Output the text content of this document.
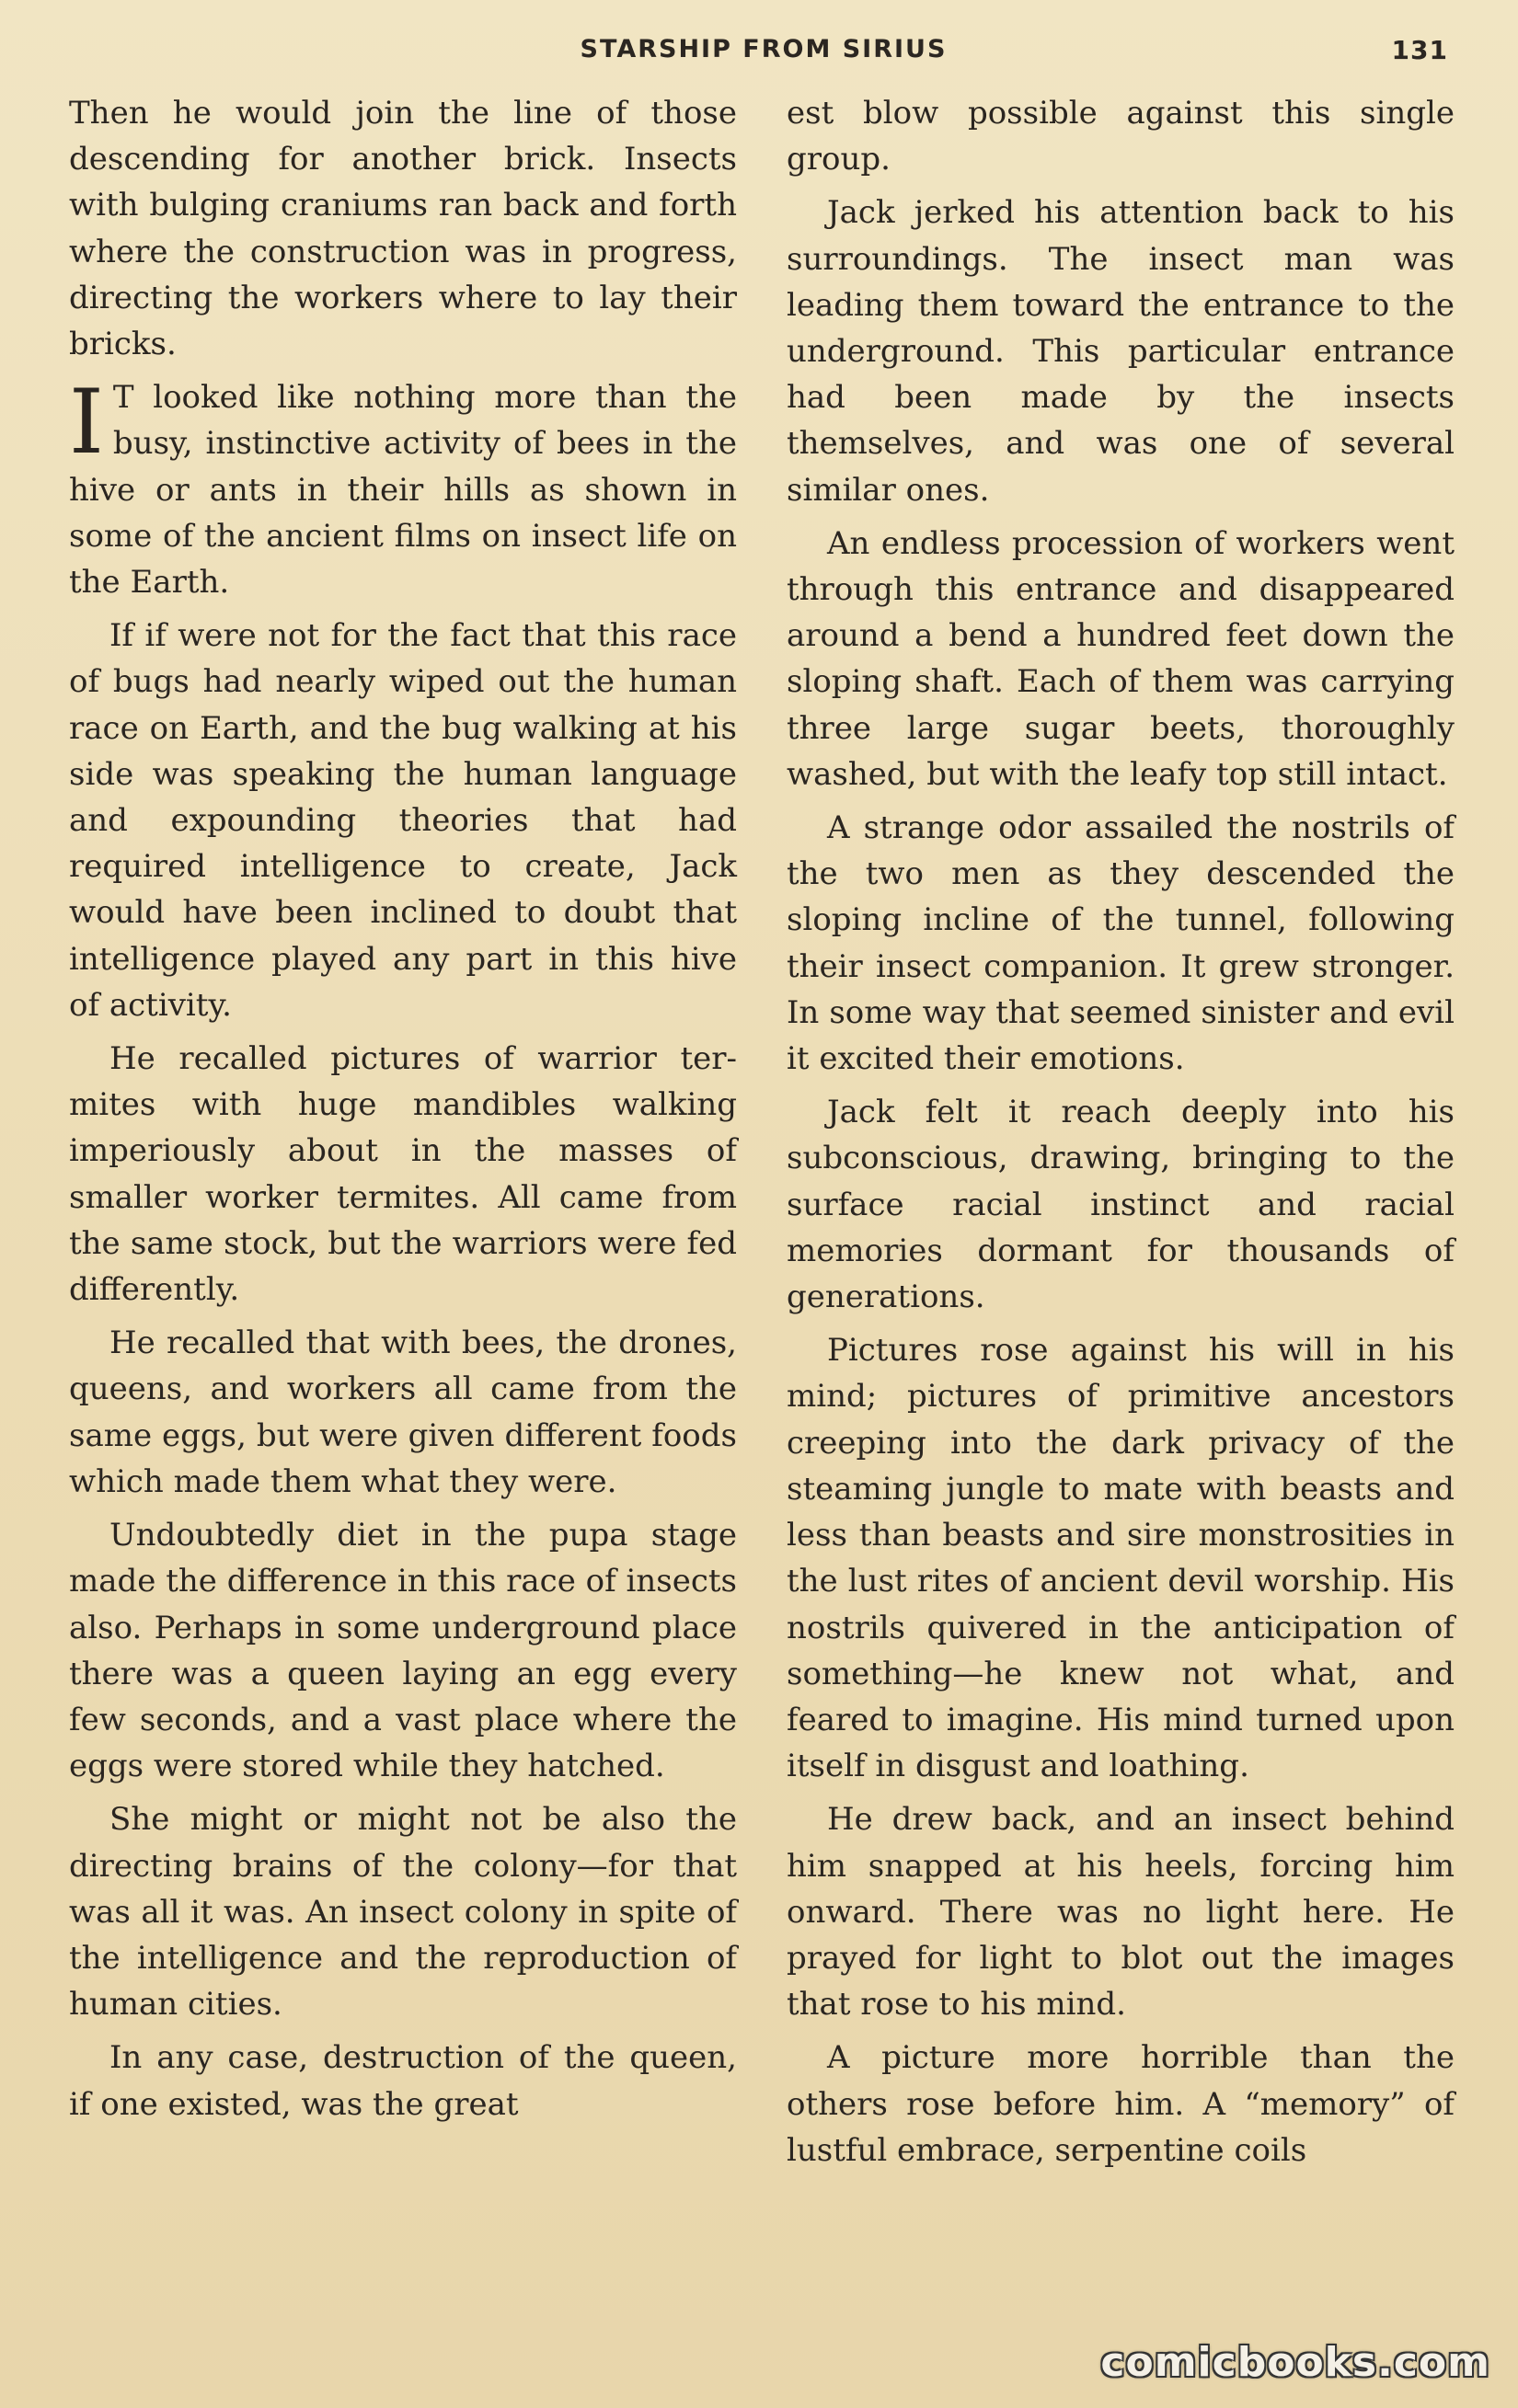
STARSHIP FROM SIRIUS	131

Then he would join the line of those descending for another brick. Insects with bulging craniums ran back and forth where the construction was in progress, directing the workers where to lay their bricks.

I T looked like nothing more than the busy, instinctive activity of bees in the hive or ants in their hills as shown in some of the ancient films on insect life on the Earth.

If if were not for the fact that this race of bugs had nearly wiped out the human race on Earth, and the bug walking at his side was speaking the human language and expounding theories that had required intelligence to create, Jack would have been inclined to doubt that intelligence played any part in this hive of activity.

He recalled pictures of warrior termites with huge mandibles walking imperiously about in the masses of smaller worker termites. All came from the same stock, but the warriors were fed differently.

He recalled that with bees, the drones, queens, and workers all came from the same eggs, but were given different foods which made them what they were.

Undoubtedly diet in the pupa stage made the difference in this race of insects also. Perhaps in some underground place there was a queen laying an egg every few seconds, and a vast place where the eggs were stored while they hatched.

She might or might not be also the directing brains of the colony—for that was all it was. An insect colony in spite of the intelligence and the reproduction of human cities.

In any case, destruction of the queen, if one existed, was the great

est blow possible against this single group.

Jack jerked his attention back to his surroundings. The insect man was leading them toward the entrance to the underground. This particular entrance had been made by the insects themselves, and was one of several similar ones.

An endless procession of workers went through this entrance and disappeared around a bend a hundred feet down the sloping shaft. Each of them was carrying three large sugar beets, thoroughly washed, but with the leafy top still intact.

A strange odor assailed the nostrils of the two men as they descended the sloping incline of the tunnel, following their insect companion. It grew stronger. In some way that seemed sinister and evil it excited their emotions.

Jack felt it reach deeply into his subconscious, drawing, bringing to the surface racial instinct and racial memories dormant for thousands of generations.

Pictures rose against his will in his mind; pictures of primitive ancestors creeping into the dark privacy of the steaming jungle to mate with beasts and less than beasts and sire monstrosities in the lust rites of ancient devil worship. His nostrils quivered in the anticipation of something—he knew not what, and feared to imagine. His mind turned upon itself in disgust and loathing.

He drew back, and an insect behind him snapped at his heels, forcing him onward. There was no light here. He prayed for light to blot out the images that rose to his mind.

A picture more horrible than the others rose before him. A “memory” of lustful embrace, serpentine coils

comicbooks.com
